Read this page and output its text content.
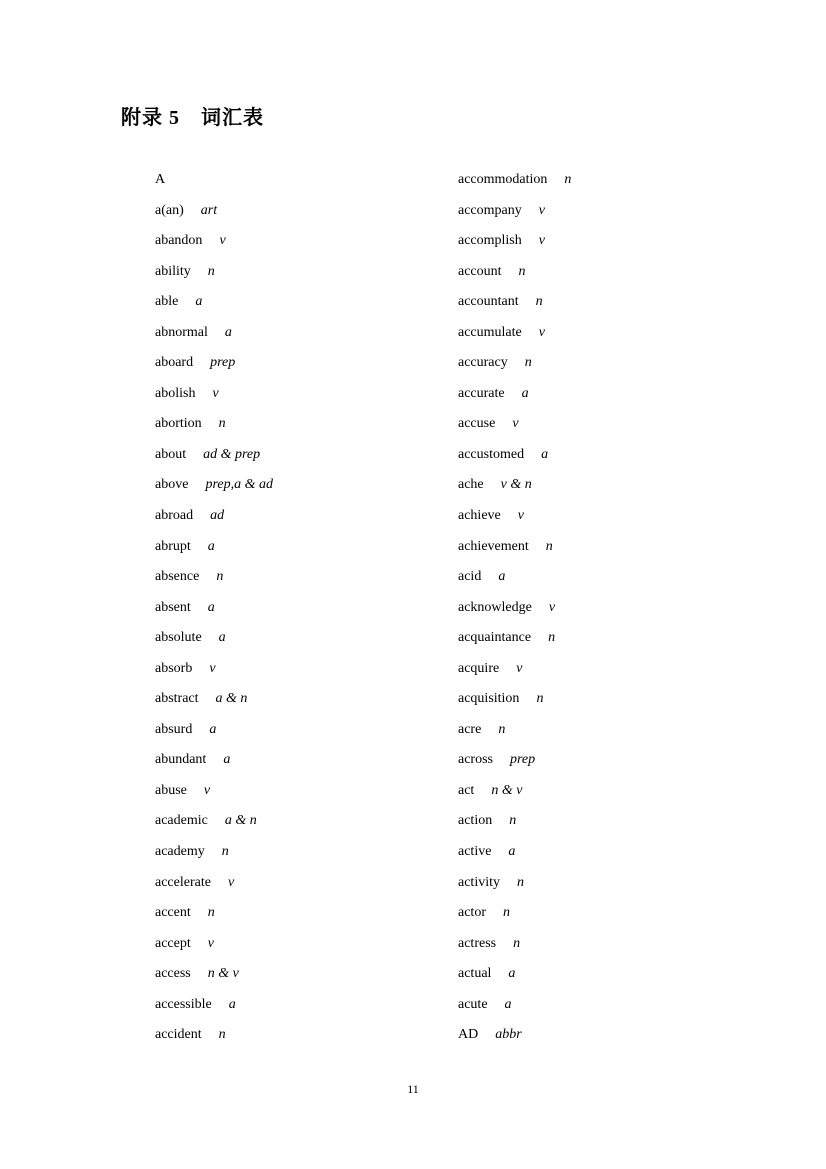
附录 5　词汇表
A
a(an) art
abandon v
ability n
able a
abnormal a
aboard prep
abolish v
abortion n
about ad & prep
above prep,a & ad
abroad ad
abrupt a
absence n
absent a
absolute a
absorb v
abstract a & n
absurd a
abundant a
abuse v
academic a & n
academy n
accelerate v
accent n
accept v
access n & v
accessible a
accident n
accommodation n
accompany v
accomplish v
account n
accountant n
accumulate v
accuracy n
accurate a
accuse v
accustomed a
ache v & n
achieve v
achievement n
acid a
acknowledge v
acquaintance n
acquire v
acquisition n
acre n
across prep
act n & v
action n
active a
activity n
actor n
actress n
actual a
acute a
AD abbr
11
